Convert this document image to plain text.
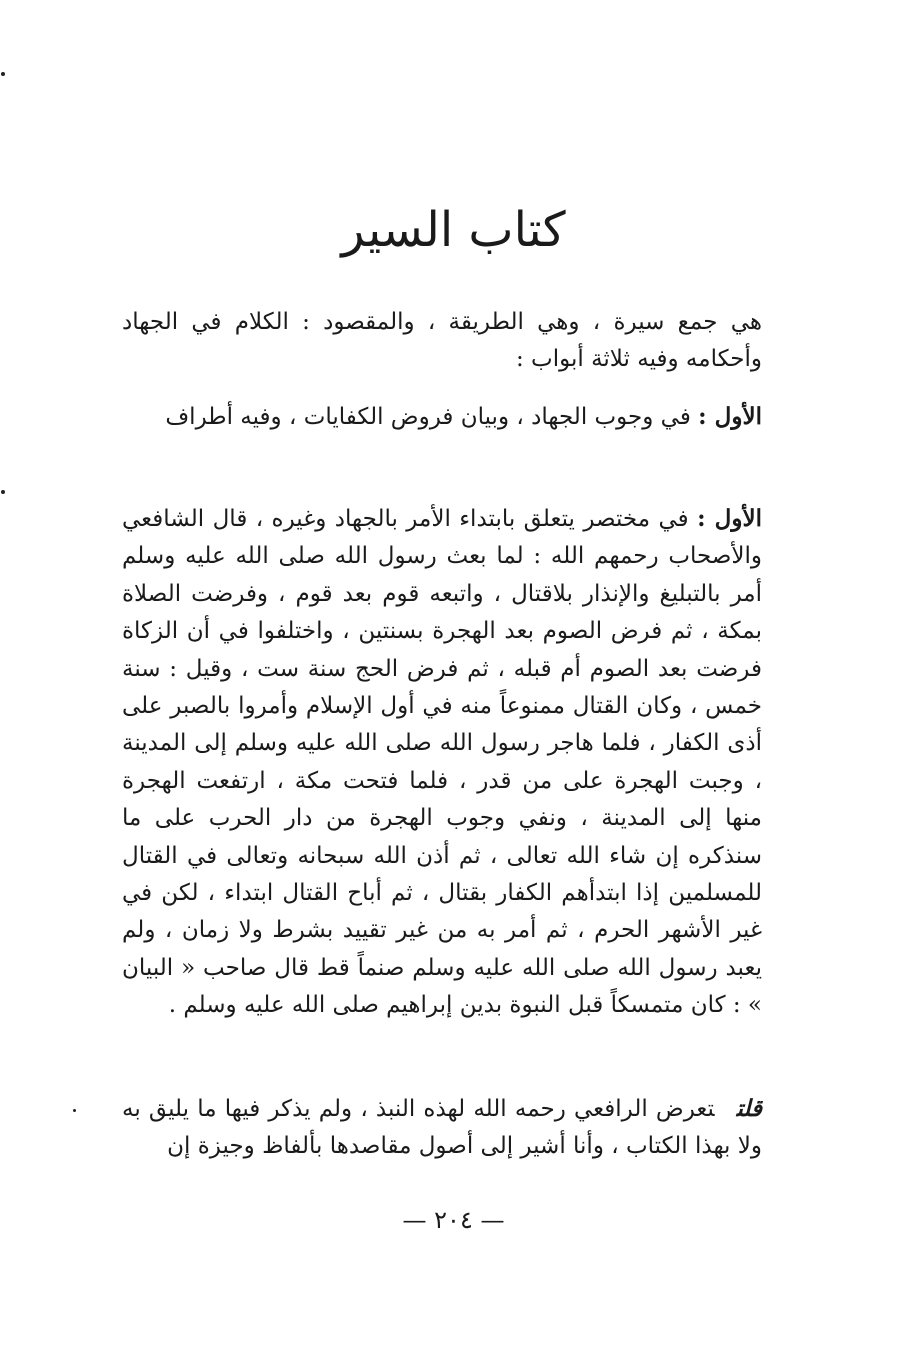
كتاب السير

هي جمع سيرة ، وهي الطريقة ، والمقصود : الكلام في الجهاد وأحكامه وفيه ثلاثة أبواب :

الأول : في وجوب الجهاد ، وبيان فروض الكفايات ، وفيه أطراف

الأول : في مختصر يتعلق بابتداء الأمر بالجهاد وغيره ، قال الشافعي والأصحاب رحمهم الله : لما بعث رسول الله صلى الله عليه وسلم أمر بالتبليغ والإنذار بلاقتال ، واتبعه قوم بعد قوم ، وفرضت الصلاة بمكة ، ثم فرض الصوم بعد الهجرة بسنتين ، واختلفوا في أن الزكاة فرضت بعد الصوم أم قبله ، ثم فرض الحج سنة ست ، وقيل : سنة خمس ، وكان القتال ممنوعاً منه في أول الإسلام وأمروا بالصبر على أذى الكفار ، فلما هاجر رسول الله صلى الله عليه وسلم إلى المدينة ، وجبت الهجرة على من قدر ، فلما فتحت مكة ، ارتفعت الهجرة منها إلى المدينة ، ونفي وجوب الهجرة من دار الحرب على ما سنذكره إن شاء الله تعالى ، ثم أذن الله سبحانه وتعالى في القتال للمسلمين إذا ابتدأهم الكفار بقتال ، ثم أباح القتال ابتداء ، لكن في غير الأشهر الحرم ، ثم أمر به من غير تقييد بشرط ولا زمان ، ولم يعبد رسول الله صلى الله عليه وسلم صنماً قط قال صاحب « البيان » : كان متمسكاً قبل النبوة بدين إبراهيم صلى الله عليه وسلم .

قلتتعرض الرافعي رحمه الله لهذه النبذ ، ولم يذكر فيها ما يليق به ولا بهذا الكتاب ، وأنا أشير إلى أصول مقاصدها بألفاظ وجيزة إن

— ٢٠٤ —
